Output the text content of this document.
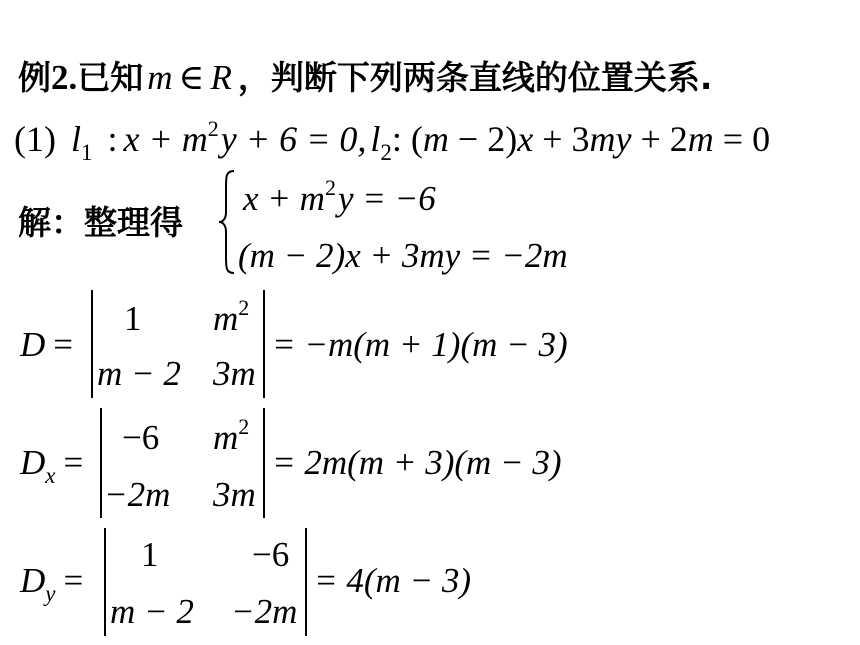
例2.已知 m ∈ R ，判断下列两条直线的位置关系.
(1) $l_1$ : $x + m^2y + 6 = 0$, $l_2$: (m − 2)x + 3my + 2m = 0
解：整理得
$x + m^2y = -6$
(m − 2)x + 3my = −2m
D =
1 $m^2$
m − 2 3m
= −m(m + 1)(m − 3)
$D_x$ =
−6 $m^2$
−2m 3m
= 2m(m + 3)(m − 3)
$D_y$ =
1	−6
m − 2 −2m
= 4(m − 3)
